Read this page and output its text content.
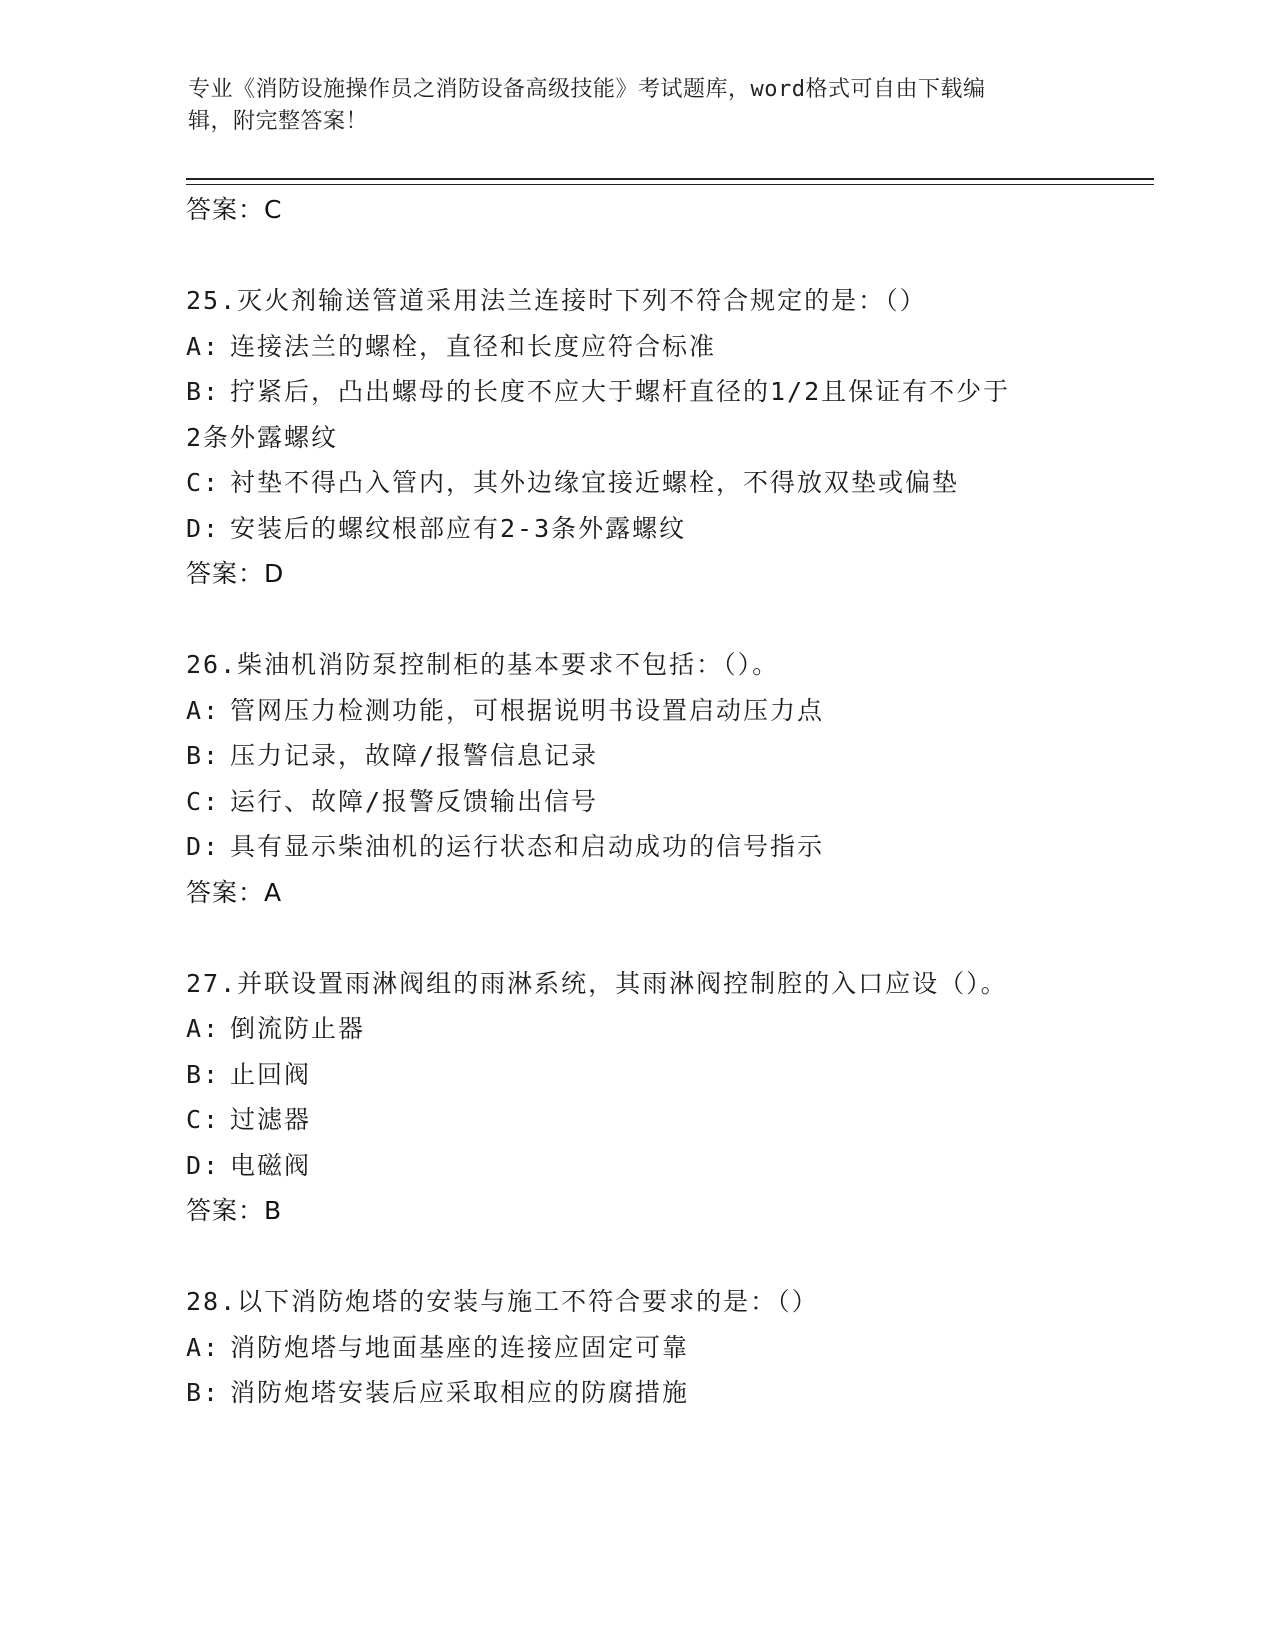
专业《消防设施操作员之消防设备高级技能》考试题库，word格式可自由下载编
辑，附完整答案！
答案：C
25.灭火剂输送管道采用法兰连接时下列不符合规定的是：（）
A: 连接法兰的螺栓，直径和长度应符合标准
B: 拧紧后，凸出螺母的长度不应大于螺杆直径的1/2且保证有不少于
2条外露螺纹
C: 衬垫不得凸入管内，其外边缘宜接近螺栓，不得放双垫或偏垫
D: 安装后的螺纹根部应有2-3条外露螺纹
答案：D
26.柴油机消防泵控制柜的基本要求不包括：（）。
A: 管网压力检测功能，可根据说明书设置启动压力点
B: 压力记录，故障/报警信息记录
C: 运行、故障/报警反馈输出信号
D: 具有显示柴油机的运行状态和启动成功的信号指示
答案：A
27.并联设置雨淋阀组的雨淋系统，其雨淋阀控制腔的入口应设（）。
A: 倒流防止器
B: 止回阀
C: 过滤器
D: 电磁阀
答案：B
28.以下消防炮塔的安装与施工不符合要求的是：（）
A: 消防炮塔与地面基座的连接应固定可靠
B: 消防炮塔安装后应采取相应的防腐措施
